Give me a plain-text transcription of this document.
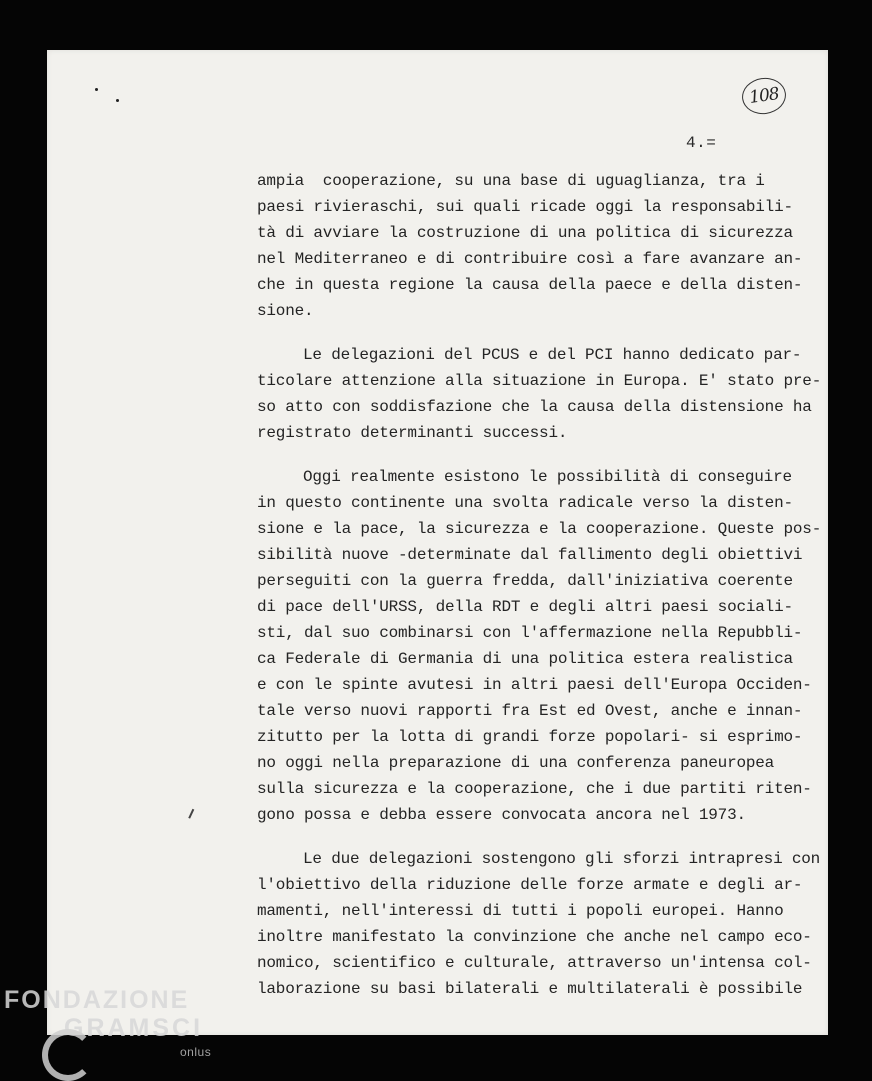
108
4.=
ampia  cooperazione, su una base di uguaglianza, tra i
paesi rivieraschi, sui quali ricade oggi la responsabili-
tà di avviare la costruzione di una politica di sicurezza
nel Mediterraneo e di contribuire così a fare avanzare an-
che in questa regione la causa della paece e della disten-
sione.
Le delegazioni del PCUS e del PCI hanno dedicato par-
ticolare attenzione alla situazione in Europa. E' stato pre-
so atto con soddisfazione che la causa della distensione ha
registrato determinanti successi.
Oggi realmente esistono le possibilità di conseguire
in questo continente una svolta radicale verso la disten-
sione e la pace, la sicurezza e la cooperazione. Queste pos-
sibilità nuove -determinate dal fallimento degli obiettivi
perseguiti con la guerra fredda, dall'iniziativa coerente
di pace dell'URSS, della RDT e degli altri paesi sociali-
sti, dal suo combinarsi con l'affermazione nella Repubbli-
ca Federale di Germania di una politica estera realistica
e con le spinte avutesi in altri paesi dell'Europa Occiden-
tale verso nuovi rapporti fra Est ed Ovest, anche e innan-
zitutto per la lotta di grandi forze popolari- si esprimo-
no oggi nella preparazione di una conferenza paneuropea
sulla sicurezza e la cooperazione, che i due partiti riten-
gono possa e debba essere convocata ancora nel 1973.
Le due delegazioni sostengono gli sforzi intrapresi con
l'obiettivo della riduzione delle forze armate e degli ar-
mamenti, nell'interessi di tutti i popoli europei. Hanno
inoltre manifestato la convinzione che anche nel campo eco-
nomico, scientifico e culturale, attraverso un'intensa col-
laborazione su basi bilaterali e multilaterali è possibile
FONDAZIONE
GRAMSCI
onlus
